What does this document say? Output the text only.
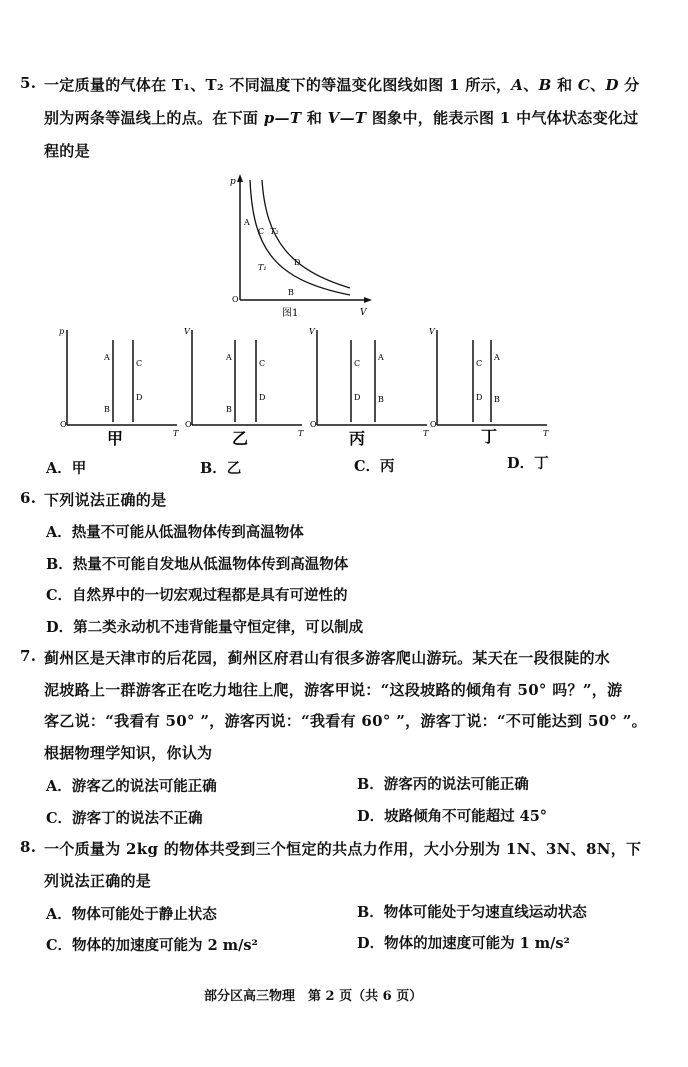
5. 一定质量的气体在 T₁、T₂ 不同温度下的等温变化图线如图 1 所示，A、B 和 C、D 分
别为两条等温线上的点。在下面 p—T 和 V—T 图象中，能表示图 1 中气体状态变化过
程的是
p
V
O
A
C
D
B
T₂
T₁
图1
p
T
O
A
B
C
D
甲
V
T
O
A
B
C
D
乙
V
T
O
A
B
C
D
丙
V
T
O
A
B
C
D
丁
A．甲	B．乙	C．丙	D．丁
6. 下列说法正确的是
A．热量不可能从低温物体传到高温物体
B．热量不可能自发地从低温物体传到高温物体
C．自然界中的一切宏观过程都是具有可逆性的
D．第二类永动机不违背能量守恒定律，可以制成
7. 蓟州区是天津市的后花园，蓟州区府君山有很多游客爬山游玩。某天在一段很陡的水
泥坡路上一群游客正在吃力地往上爬，游客甲说：“这段坡路的倾角有 50° 吗？”，游
客乙说：“我看有 50° ”，游客丙说：“我看有 60° ”，游客丁说：“不可能达到 50° ”。
根据物理学知识，你认为
A．游客乙的说法可能正确	B．游客丙的说法可能正确
C．游客丁的说法不正确	D．坡路倾角不可能超过 45°
8. 一个质量为 2kg 的物体共受到三个恒定的共点力作用，大小分别为 1N、3N、8N，下
列说法正确的是
A．物体可能处于静止状态	B．物体可能处于匀速直线运动状态
C．物体的加速度可能为 2 m/s²	D．物体的加速度可能为 1 m/s²
部分区高三物理　第 2 页（共 6 页）
